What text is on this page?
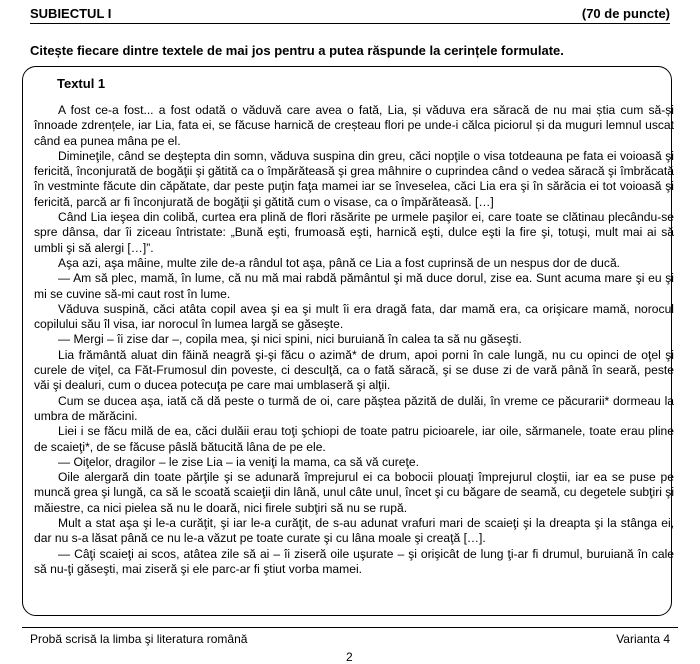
SUBIECTUL I	(70 de puncte)
Citește fiecare dintre textele de mai jos pentru a putea răspunde la cerințele formulate.
Textul 1

A fost ce-a fost... a fost odată o văduvă care avea o fată, Lia, și văduva era săracă de nu mai știa cum să-și înnoade zdrențele, iar Lia, fata ei, se făcuse harnică de creșteau flori pe unde-i călca piciorul și da muguri lemnul uscat când ea punea mâna pe el.

Dimineţile, când se deştepta din somn, văduva suspina din greu, căci nopţile o visa totdeauna pe fata ei voioasă şi fericită, înconjurată de bogăţii şi gătită ca o împărăteasă şi grea mâhnire o cuprindea când o vedea săracă şi îmbrăcată în vestminte făcute din căpătate, dar peste puţin faţa mamei iar se înveselea, căci Lia era şi în sărăcia ei tot voioasă şi fericită, parcă ar fi înconjurată de bogăţii şi gătită cum o visase, ca o împărăteasă. […]

Când Lia ieşea din colibă, curtea era plină de flori răsărite pe urmele paşilor ei, care toate se clătinau plecându-se spre dânsa, dar îi ziceau întristate: „Bună eşti, frumoasă eşti, harnică eşti, dulce eşti la fire şi, totuşi, mult mai ai să umbli şi să alergi […]”.

Aşa azi, aşa mâine, multe zile de-a rândul tot aşa, până ce Lia a fost cuprinsă de un nespus dor de ducă.

— Am să plec, mamă, în lume, că nu mă mai rabdă pământul şi mă duce dorul, zise ea. Sunt acuma mare şi eu şi mi se cuvine să-mi caut rost în lume.

Văduva suspină, căci atâta copil avea şi ea şi mult îi era dragă fata, dar mamă era, ca orişicare mamă, norocul copilului său îl visa, iar norocul în lumea largă se găseşte.

— Mergi – îi zise dar –, copila mea, şi nici spini, nici buruiană în calea ta să nu găseşti.

Lia frământă aluat din făină neagră şi-şi făcu o azimă* de drum, apoi porni în cale lungă, nu cu opinci de oţel şi curele de viţel, ca Făt-Frumosul din poveste, ci desculţă, ca o fată săracă, şi se duse zi de vară până în seară, peste văi şi dealuri, cum o ducea potecuţa pe care mai umblaseră şi alţii.

Cum se ducea aşa, iată că dă peste o turmă de oi, care păştea păzită de dulăi, în vreme ce păcurarii* dormeau la umbra de mărăcini.

Liei i se făcu milă de ea, căci dulăii erau toţi şchiopi de toate patru picioarele, iar oile, sărmanele, toate erau pline de scaieţi*, de se făcuse pâslă bătucită lâna de pe ele.

— Oiţelor, dragilor – le zise Lia – ia veniţi la mama, ca să vă cureţe.

Oile alergară din toate părţile şi se adunară împrejurul ei ca bobocii plouaţi împrejurul cloştii, iar ea se puse pe muncă grea şi lungă, ca să le scoată scaieţii din lână, unul câte unul, încet şi cu băgare de seamă, cu degetele subţiri şi măiestre, ca nici pielea să nu le doară, nici firele subţiri să nu se rupă.

Mult a stat aşa şi le-a curăţit, şi iar le-a curăţit, de s-au adunat vrafuri mari de scaieţi şi la dreapta şi la stânga ei, dar nu s-a lăsat până ce nu le-a văzut pe toate curate şi cu lâna moale şi creaţă […].

— Câţi scaieţi ai scos, atâtea zile să ai – îi ziseră oile uşurate – şi orişicât de lung ţi-ar fi drumul, buruiană în cale să nu-ţi găseşti, mai ziseră şi ele parc-ar fi ştiut vorba mamei.

Probă scrisă la limba şi literatura română	Varianta 4
2
